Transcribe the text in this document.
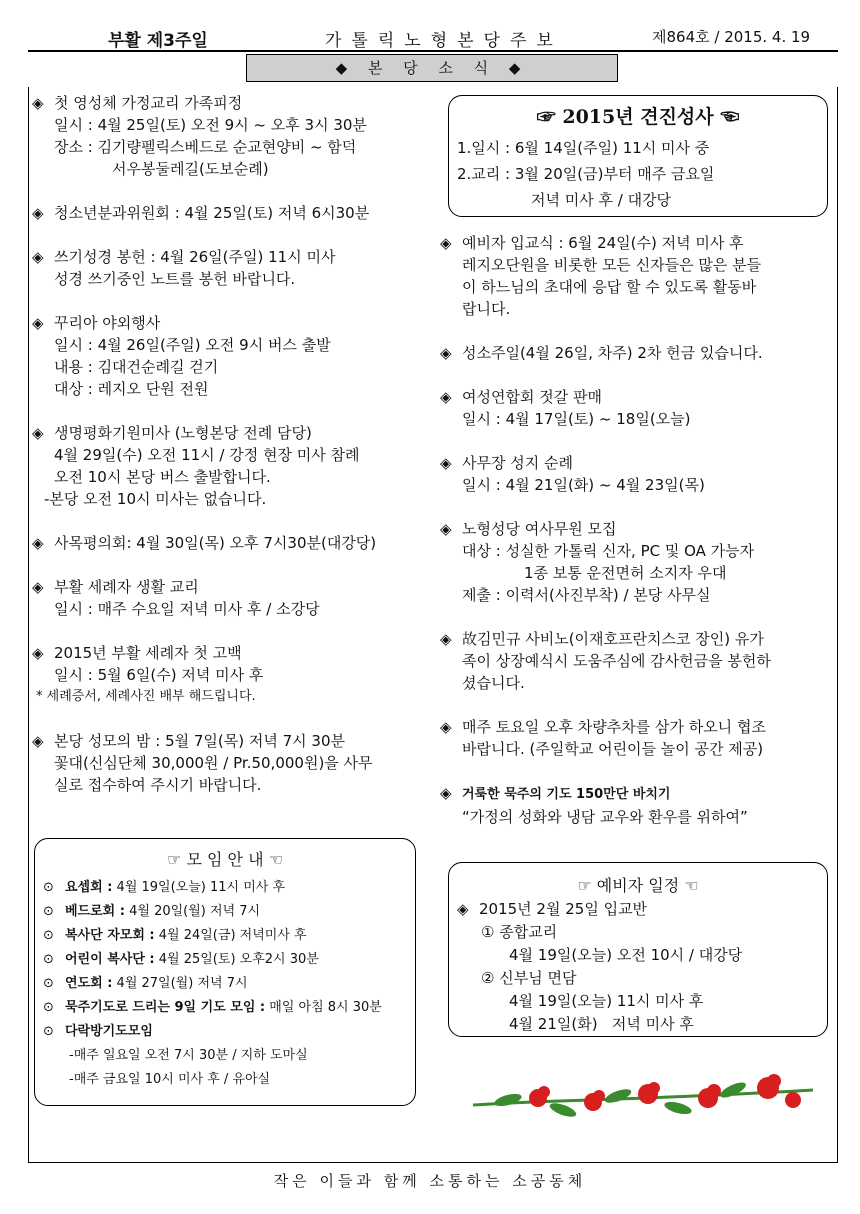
부활 제3주일	가톨릭노형본당주보	제864호 / 2015. 4. 19
◆ 본 당 소 식 ◆
◈ 첫 영성체 가정교리 가족피정
일시 : 4월 25일(토) 오전 9시 ~ 오후 3시 30분
장소 : 김기량펠릭스베드로 순교현양비 ~ 함덕
서우봉둘레길(도보순례)
◈ 청소년분과위원회 : 4월 25일(토) 저녁 6시30분
◈ 쓰기성경 봉헌 : 4월 26일(주일) 11시 미사
성경 쓰기중인 노트를 봉헌 바랍니다.
◈ 꾸리아 야외행사
일시 : 4월 26일(주일) 오전 9시 버스 출발
내용 : 김대건순례길 걷기
대상 : 레지오 단원 전원
◈ 생명평화기원미사 (노형본당 전례 담당)
4월 29일(수) 오전 11시 / 강정 현장 미사 참례
오전 10시 본당 버스 출발합니다.
-본당 오전 10시 미사는 없습니다.
◈ 사목평의회: 4월 30일(목) 오후 7시30분(대강당)
◈ 부활 세례자 생활 교리
일시 : 매주 수요일 저녁 미사 후 / 소강당
◈ 2015년 부활 세례자 첫 고백
일시 : 5월 6일(수) 저녁 미사 후
* 세례증서, 세례사진 배부 해드립니다.
◈ 본당 성모의 밤 : 5월 7일(목) 저녁 7시 30분
꽃대(신심단체 30,000원 / Pr.50,000원)을 사무
실로 접수하여 주시기 바랍니다.
☞ 모 임 안 내 ☜
⊙ 요셉회 : 4월 19일(오늘) 11시 미사 후
⊙ 베드로회 : 4월 20일(월) 저녁 7시
⊙ 복사단 자모회 : 4월 24일(금) 저녁미사 후
⊙ 어린이 복사단 : 4월 25일(토) 오후2시 30분
⊙ 연도회 : 4월 27일(월) 저녁 7시
⊙ 묵주기도로 드리는 9일 기도 모임 : 매일 아침 8시 30분
⊙ 다락방기도모임
-매주 일요일 오전 7시 30분 / 지하 도마실
-매주 금요일 10시 미사 후 / 유아실
☞ 2015년 견진성사 ☜
1.일시 : 6월 14일(주일) 11시 미사 중
2.교리 : 3월 20일(금)부터 매주 금요일
저녁 미사 후 / 대강당
◈ 예비자 입교식 : 6월 24일(수) 저녁 미사 후
레지오단원을 비롯한 모든 신자들은 많은 분들
이 하느님의 초대에 응답 할 수 있도록 활동바
랍니다.
◈ 성소주일(4월 26일, 차주) 2차 헌금 있습니다.
◈ 여성연합회 젓갈 판매
일시 : 4월 17일(토) ~ 18일(오늘)
◈ 사무장 성지 순례
일시 : 4월 21일(화) ~ 4월 23일(목)
◈ 노형성당 여사무원 모집
대상 : 성실한 가톨릭 신자, PC 및 OA 가능자
1종 보통 운전면허 소지자 우대
제출 : 이력서(사진부착) / 본당 사무실
◈ 故김민규 사비노(이재호프란치스코 장인) 유가
족이 상장예식시 도움주심에 감사헌금을 봉헌하
셨습니다.
◈ 매주 토요일 오후 차량추차를 삼가 하오니 협조
바랍니다. (주일학교 어린이들 놀이 공간 제공)
◈ 거룩한 묵주의 기도 150만단 바치기
“가정의 성화와 냉담 교우와 환우를 위하여”
☞ 예비자 일정 ☜
◈ 2015년 2월 25일 입교반
① 종합교리
4월 19일(오늘) 오전 10시 / 대강당
② 신부님 면담
4월 19일(오늘) 11시 미사 후
4월 21일(화)   저녁 미사 후
작은 이들과 함께 소통하는 소공동체
